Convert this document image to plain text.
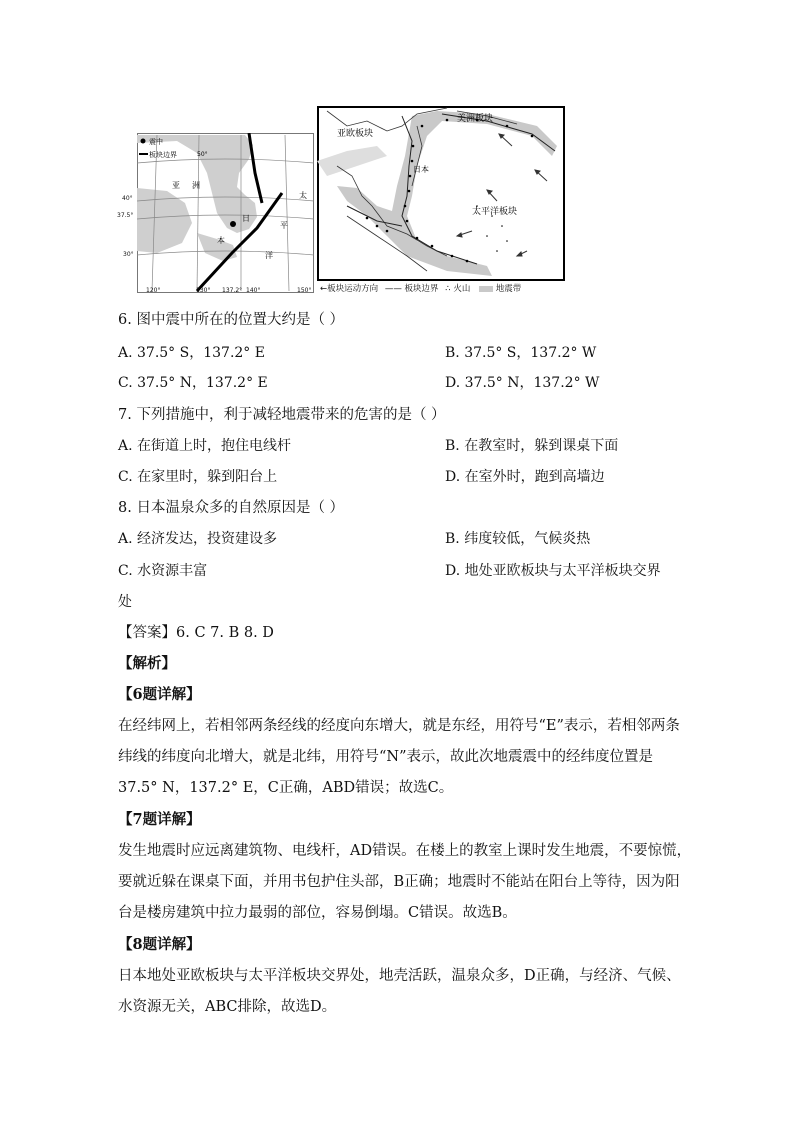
震中
板块边界	50°
亚 洲
日
本
太
平
洋
40°
37.5°
30°
120°	130° 137.2° 140°	150°
亚欧板块
美洲板块
日本
太平洋板块
←板块运动方向 —— 板块边界 ∴ 火山	地震带
6. 图中震中所在的位置大约是（ ）
A. 37.5° S，137.2° E	B. 37.5° S，137.2° W
C. 37.5° N，137.2° E	D. 37.5° N，137.2° W
7. 下列措施中，利于减轻地震带来的危害的是（ ）
A. 在街道上时，抱住电线杆	B. 在教室时，躲到课桌下面
C. 在家里时，躲到阳台上	D. 在室外时，跑到高墙边
8. 日本温泉众多的自然原因是（ ）
A. 经济发达，投资建设多	B. 纬度较低，气候炎热
C. 水资源丰富	D. 地处亚欧板块与太平洋板块交界
处
【答案】6. C 7. B 8. D
【解析】
【6题详解】
在经纬网上，若相邻两条经线的经度向东增大，就是东经，用符号“E”表示，若相邻两条
纬线的纬度向北增大，就是北纬，用符号“N”表示，故此次地震震中的经纬度位置是
37.5° N，137.2° E，C正确，ABD错误；故选C。
【7题详解】
发生地震时应远离建筑物、电线杆，AD错误。在楼上的教室上课时发生地震，不要惊慌，
要就近躲在课桌下面，并用书包护住头部，B正确；地震时不能站在阳台上等待，因为阳
台是楼房建筑中拉力最弱的部位，容易倒塌。C错误。故选B。
【8题详解】
日本地处亚欧板块与太平洋板块交界处，地壳活跃，温泉众多，D正确，与经济、气候、
水资源无关，ABC排除，故选D。
